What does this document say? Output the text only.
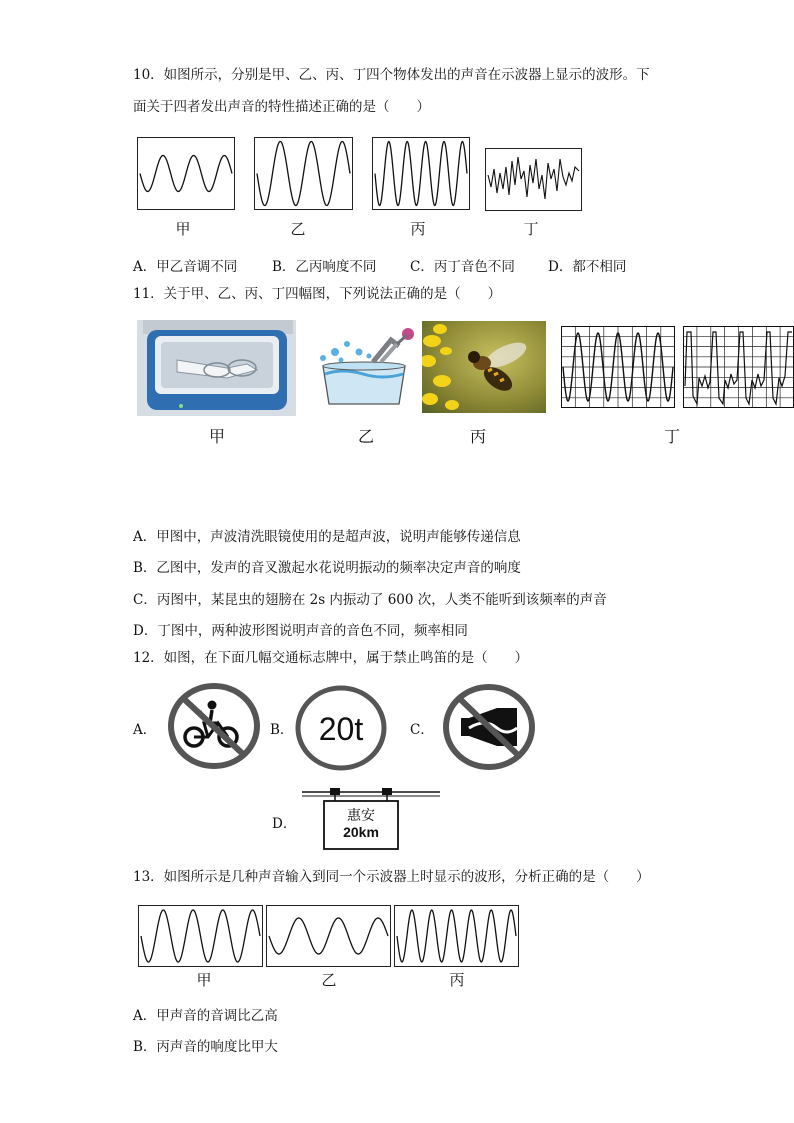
10．如图所示，分别是甲、乙、丙、丁四个物体发出的声音在示波器上显示的波形。下
面关于四者发出声音的特性描述正确的是（　　）
甲	乙	丙	丁
A．甲乙音调不同	B．乙丙响度不同 C．丙丁音色不同 D．都不相同
11．关于甲、乙、丙、丁四幅图，下列说法正确的是（　　）
甲	乙	丙	丁
A．甲图中，声波清洗眼镜使用的是超声波，说明声能够传递信息
B．乙图中，发声的音叉激起水花说明振动的频率决定声音的响度
C．丙图中，某昆虫的翅膀在 2s 内振动了 600 次，人类不能听到该频率的声音
D．丁图中，两种波形图说明声音的音色不同，频率相同
12．如图，在下面几幅交通标志牌中，属于禁止鸣笛的是（　　）
A．	B． 20t	C．
D．	惠安
20km
13．如图所示是几种声音输入到同一个示波器上时显示的波形，分析正确的是（　　）
甲	乙	丙
A．甲声音的音调比乙高
B．丙声音的响度比甲大
